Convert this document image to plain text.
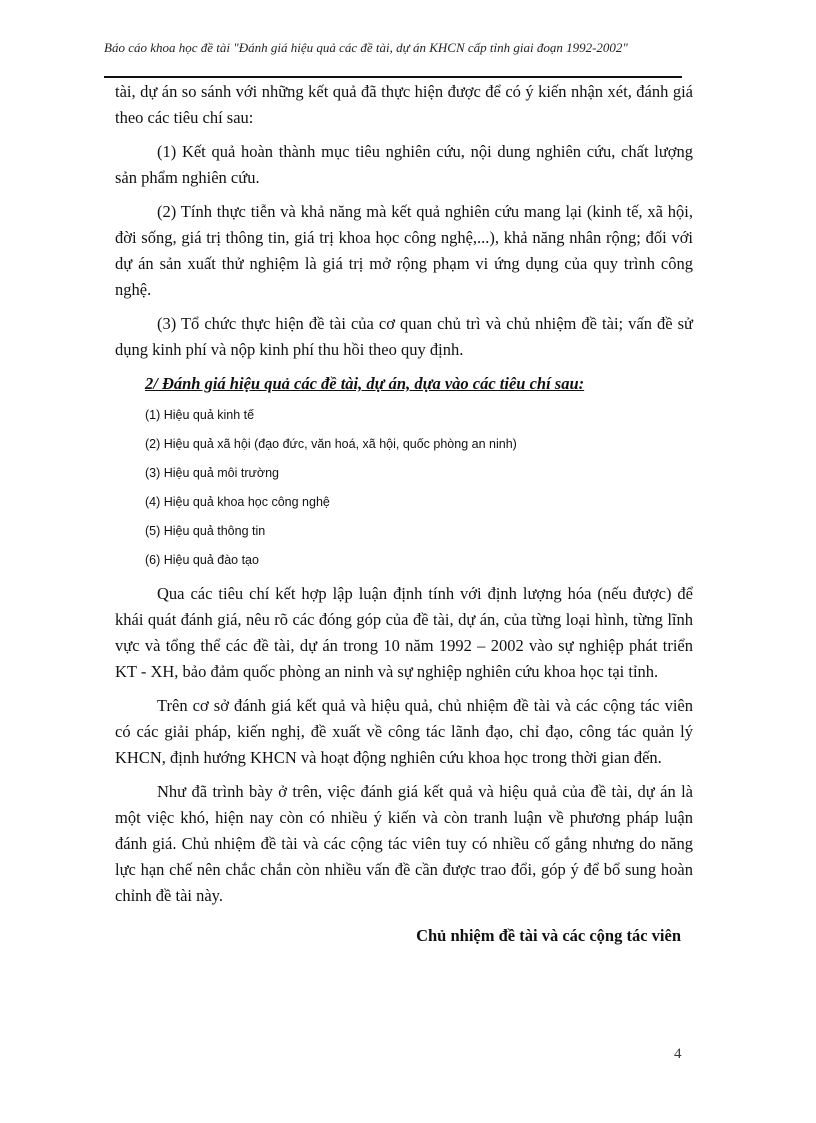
Báo cáo khoa học đề tài "Đánh giá hiệu quả các đề tài, dự án KHCN cấp tỉnh giai đoạn 1992-2002"

tài, dự án so sánh với những kết quả đã thực hiện được để có ý kiến nhận xét, đánh giá theo các tiêu chí sau:

(1) Kết quả hoàn thành mục tiêu nghiên cứu, nội dung nghiên cứu, chất lượng sản phẩm nghiên cứu.

(2) Tính thực tiễn và khả năng mà kết quả nghiên cứu mang lại (kinh tế, xã hội, đời sống, giá trị thông tin, giá trị khoa học công nghệ,...), khả năng nhân rộng; đối với dự án sản xuất thử nghiệm là giá trị mở rộng phạm vi ứng dụng của quy trình công nghệ.

(3) Tổ chức thực hiện đề tài của cơ quan chủ trì và chủ nhiệm đề tài; vấn đề sử dụng kinh phí và nộp kinh phí thu hồi theo quy định.

2/ Đánh giá hiệu quả các đề tài, dự án, dựa vào các tiêu chí sau:

(1) Hiệu quả kinh tế
(2) Hiệu quả xã hội (đạo đức, văn hoá, xã hội, quốc phòng an ninh)
(3) Hiệu quả môi trường
(4) Hiệu quả khoa học công nghệ
(5) Hiệu quả thông tin
(6) Hiệu quả đào tạo

Qua các tiêu chí kết hợp lập luận định tính với định lượng hóa (nếu được) để khái quát đánh giá, nêu rõ các đóng góp của đề tài, dự án, của từng loại hình, từng lĩnh vực và tổng thể các đề tài, dự án trong 10 năm 1992 – 2002 vào sự nghiệp phát triển KT - XH, bảo đảm quốc phòng an ninh và sự nghiệp nghiên cứu khoa học tại tỉnh.

Trên cơ sở đánh giá kết quả và hiệu quả, chủ nhiệm đề tài và các cộng tác viên có các giải pháp, kiến nghị, đề xuất về công tác lãnh đạo, chỉ đạo, công tác quản lý KHCN, định hướng KHCN và hoạt động nghiên cứu khoa học trong thời gian đến.

Như đã trình bày ở trên, việc đánh giá kết quả và hiệu quả của đề tài, dự án là một việc khó, hiện nay còn có nhiều ý kiến và còn tranh luận về phương pháp luận đánh giá. Chủ nhiệm đề tài và các cộng tác viên tuy có nhiều cố gắng nhưng do năng lực hạn chế nên chắc chắn còn nhiều vấn đề cần được trao đổi, góp ý để bổ sung hoàn chỉnh đề tài này.

Chủ nhiệm đề tài và các cộng tác viên

4
